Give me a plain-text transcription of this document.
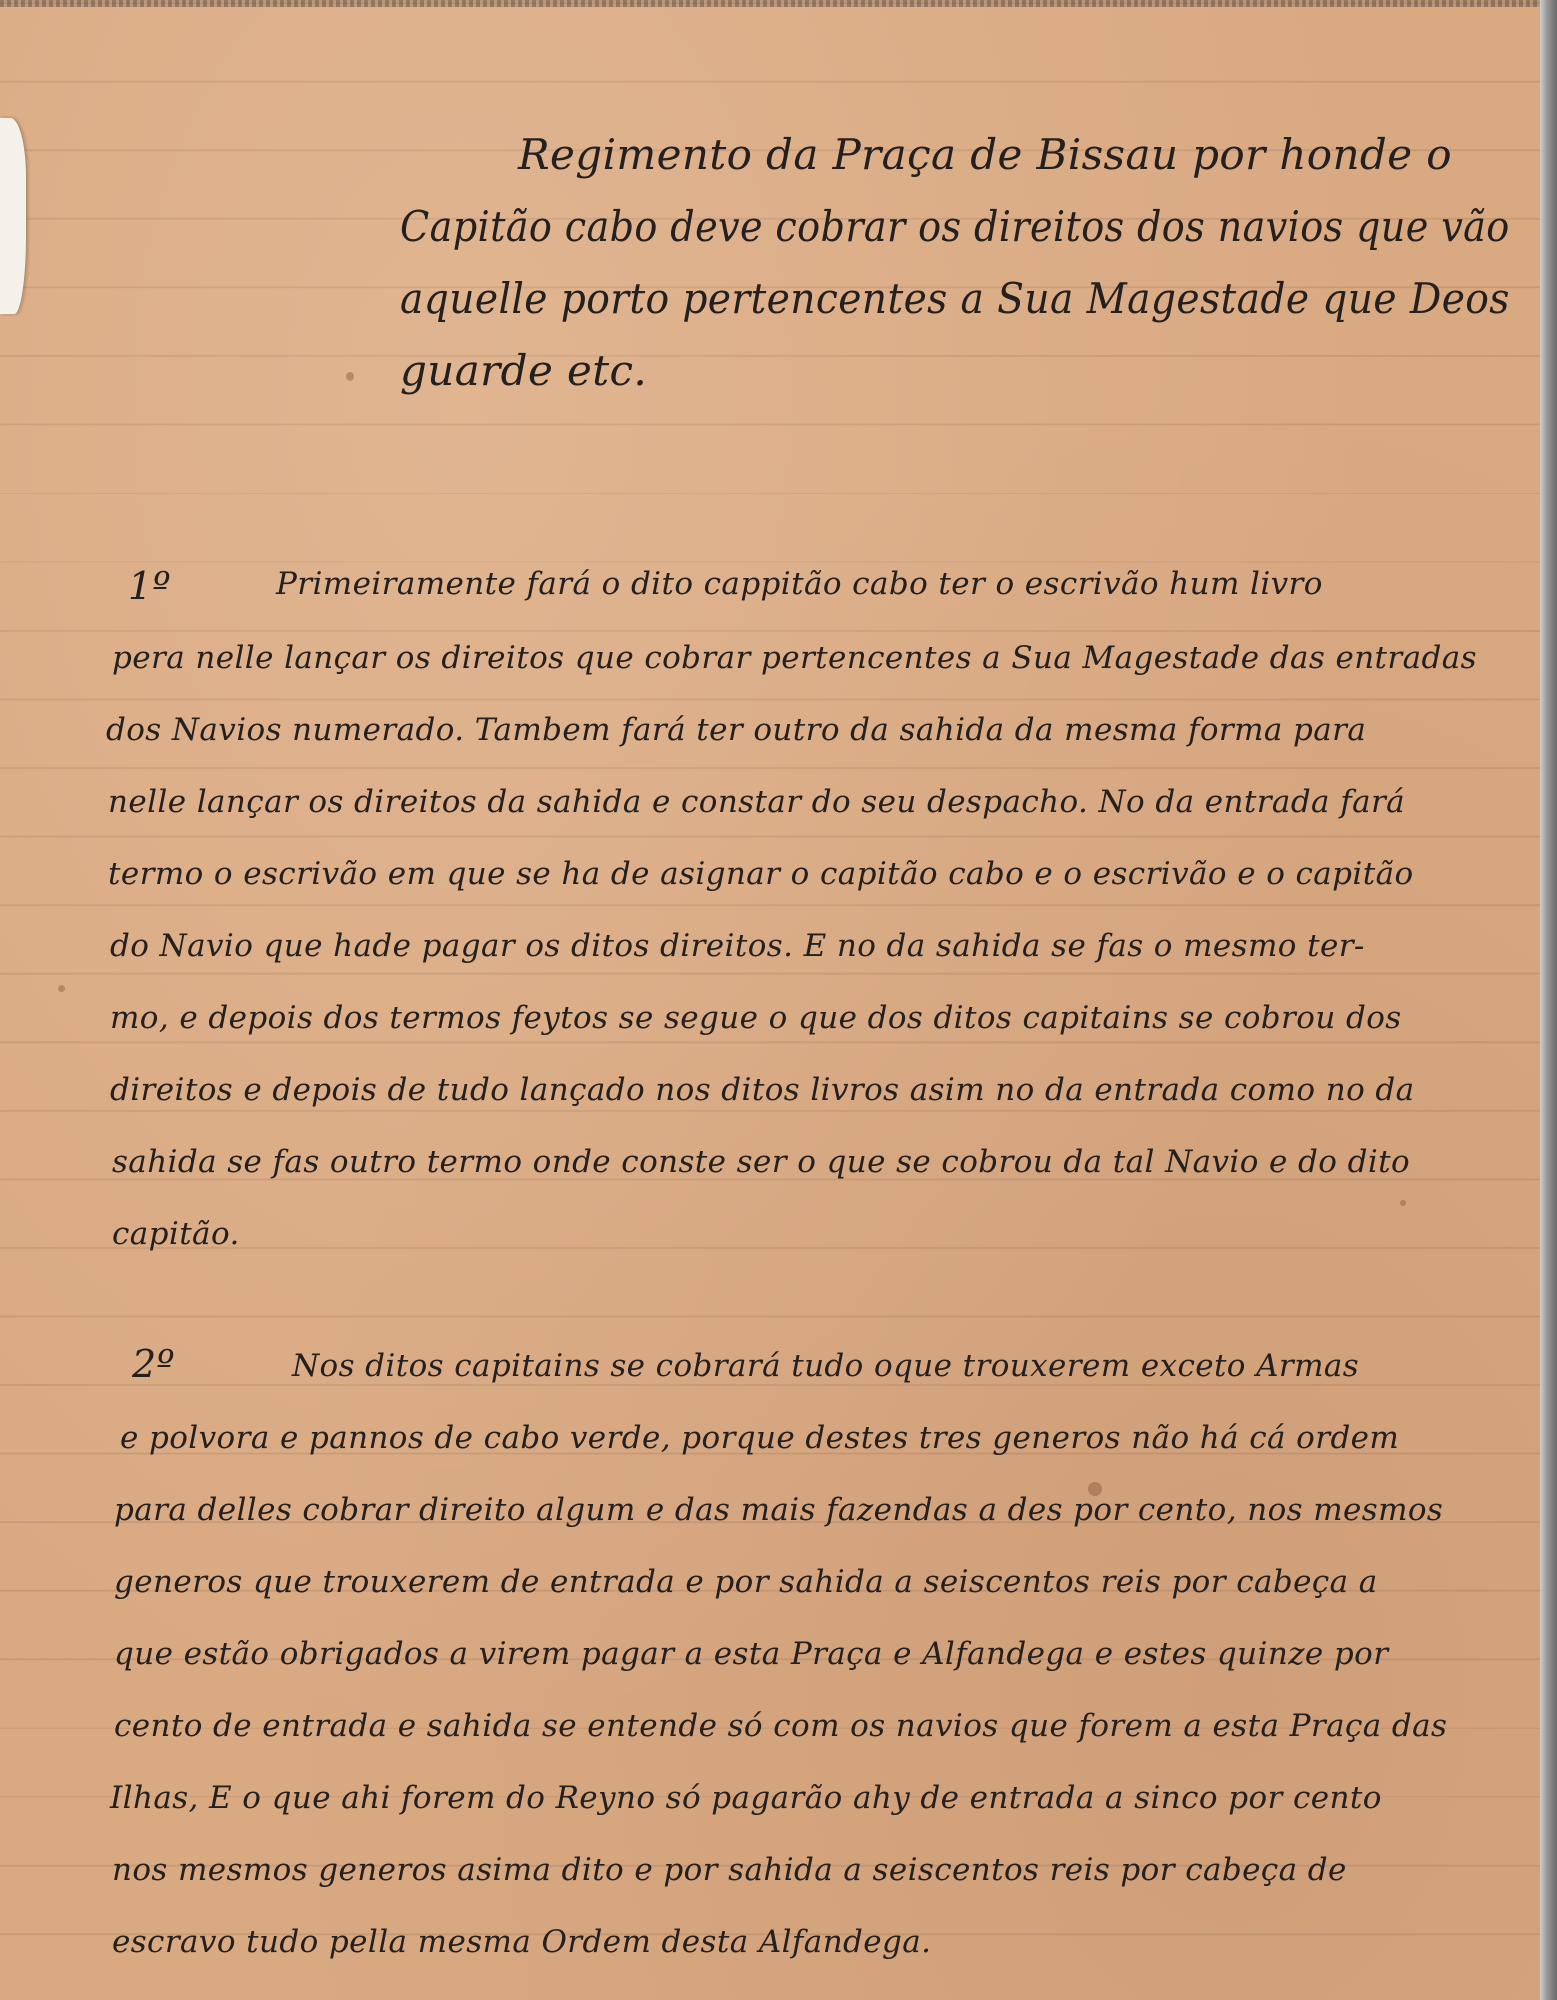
Regimento da Praça de Bissau por honde o

Capitão cabo deve cobrar os direitos dos navios que vão

aquelle porto pertencentes a Sua Magestade que Deos

guarde etc.

1º	Primeiramente fará o dito cappitão cabo ter o escrivão hum livro

pera nelle lançar os direitos que cobrar pertencentes a Sua Magestade das entradas

dos Navios numerado. Tambem fará ter outro da sahida da mesma forma para

nelle lançar os direitos da sahida e constar do seu despacho. No da entrada fará

termo o escrivão em que se ha de asignar o capitão cabo e o escrivão e o capitão

do Navio que hade pagar os ditos direitos. E no da sahida se fas o mesmo ter-

mo, e depois dos termos feytos se segue o que dos ditos capitains se cobrou dos

direitos e depois de tudo lançado nos ditos livros asim no da entrada como no da

sahida se fas outro termo onde conste ser o que se cobrou da tal Navio e do dito

capitão.

2º	Nos ditos capitains se cobrará tudo oque trouxerem exceto Armas

e polvora e pannos de cabo verde, porque destes tres generos não há cá ordem

para delles cobrar direito algum e das mais fazendas a des por cento, nos mesmos

generos que trouxerem de entrada e por sahida a seiscentos reis por cabeça a

que estão obrigados a virem pagar a esta Praça e Alfandega e estes quinze por

cento de entrada e sahida se entende só com os navios que forem a esta Praça das

Ilhas, E o que ahi forem do Reyno só pagarão ahy de entrada a sinco por cento

nos mesmos generos asima dito e por sahida a seiscentos reis por cabeça de

escravo tudo pella mesma Ordem desta Alfandega.
